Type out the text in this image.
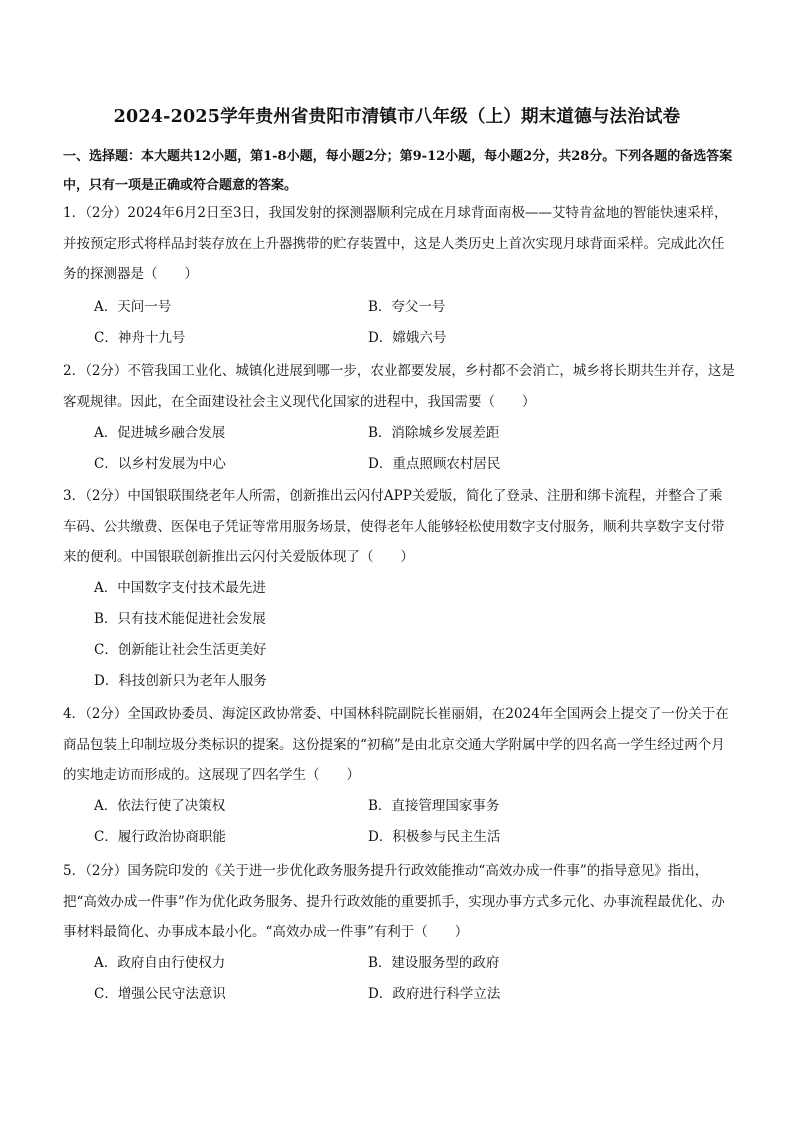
2024-2025学年贵州省贵阳市清镇市八年级（上）期末道德与法治试卷
一、选择题：本大题共12小题，第1-8小题，每小题2分；第9-12小题，每小题2分，共28分。下列各题的备选答案中，只有一项是正确或符合题意的答案。
1．（2分）2024年6月2日至3日，我国发射的探测器顺利完成在月球背面南极——艾特肯盆地的智能快速采样，并按预定形式将样品封装存放在上升器携带的贮存装置中，这是人类历史上首次实现月球背面采样。完成此次任务的探测器是（　　）
A．天问一号	B．夸父一号
C．神舟十九号	D．嫦娥六号
2．（2分）不管我国工业化、城镇化进展到哪一步，农业都要发展，乡村都不会消亡，城乡将长期共生并存，这是客观规律。因此，在全面建设社会主义现代化国家的进程中，我国需要（　　）
A．促进城乡融合发展	B．消除城乡发展差距
C．以乡村发展为中心	D．重点照顾农村居民
3．（2分）中国银联围绕老年人所需，创新推出云闪付APP关爱版，简化了登录、注册和绑卡流程，并整合了乘车码、公共缴费、医保电子凭证等常用服务场景，使得老年人能够轻松使用数字支付服务，顺利共享数字支付带来的便利。中国银联创新推出云闪付关爱版体现了（　　）
A．中国数字支付技术最先进
B．只有技术能促进社会发展
C．创新能让社会生活更美好
D．科技创新只为老年人服务
4．（2分）全国政协委员、海淀区政协常委、中国林科院副院长崔丽娟，在2024年全国两会上提交了一份关于在商品包装上印制垃圾分类标识的提案。这份提案的“初稿”是由北京交通大学附属中学的四名高一学生经过两个月的实地走访而形成的。这展现了四名学生（　　）
A．依法行使了决策权	B．直接管理国家事务
C．履行政治协商职能	D．积极参与民主生活
5．（2分）国务院印发的《关于进一步优化政务服务提升行政效能推动“高效办成一件事”的指导意见》指出，把“高效办成一件事”作为优化政务服务、提升行政效能的重要抓手，实现办事方式多元化、办事流程最优化、办事材料最简化、办事成本最小化。“高效办成一件事”有利于（　　）
A．政府自由行使权力	B．建设服务型的政府
C．增强公民守法意识	D．政府进行科学立法
